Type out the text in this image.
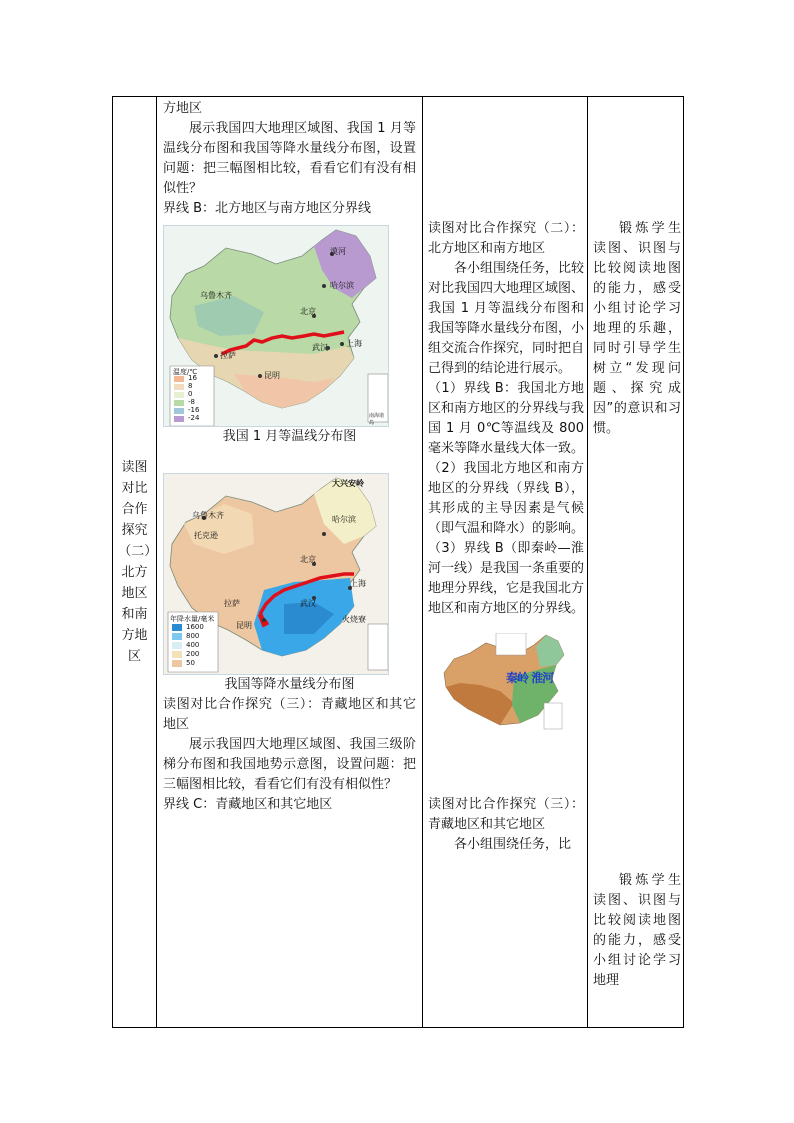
读图对比合作探究（二）北方地区和南方地区

方地区

展示我国四大地理区域图、我国 1 月等温线分布图和我国等降水量线分布图，设置问题：把三幅图相比较，看看它们有没有相似性？

界线 B：北方地区与南方地区分界线

漠河
哈尔滨
乌鲁木齐
北京
拉萨
武汉 上海
昆明
温度/℃
16
8
0
-8
-16
-24	南海诸岛

我国 1 月等温线分布图

大兴安岭
哈尔滨
乌鲁木齐
托克逊
北京
武汉
上海
昆明
拉萨
火烧寮
年降水量/毫米
1600
800
400
200
50

我国等降水量线分布图

读图对比合作探究（三）：青藏地区和其它地区

展示我国四大地理区域图、我国三级阶梯分布图和我国地势示意图，设置问题：把三幅图相比较，看看它们有没有相似性？

界线 C：青藏地区和其它地区

读图对比合作探究（二）：北方地区和南方地区

各小组围绕任务，比较对比我国四大地理区域图、我国 1 月等温线分布图和我国等降水量线分布图，小组交流合作探究，同时把自己得到的结论进行展示。

（1）界线 B：我国北方地区和南方地区的分界线与我国 1 月 0℃等温线及 800 毫米等降水量线大体一致。

（2）我国北方地区和南方地区的分界线（界线 B），其形成的主导因素是气候（即气温和降水）的影响。

（3）界线 B（即秦岭—淮河一线）是我国一条重要的地理分界线，它是我国北方地区和南方地区的分界线。

秦岭 淮河

读图对比合作探究（三）：青藏地区和其它地区

各小组围绕任务，比

锻炼学生读图、识图与比较阅读地图的能力，感受小组讨论学习地理的乐趣，同时引导学生树立“发现问题、探究成因”的意识和习惯。

锻炼学生读图、识图与比较阅读地图的能力，感受小组讨论学习地理
